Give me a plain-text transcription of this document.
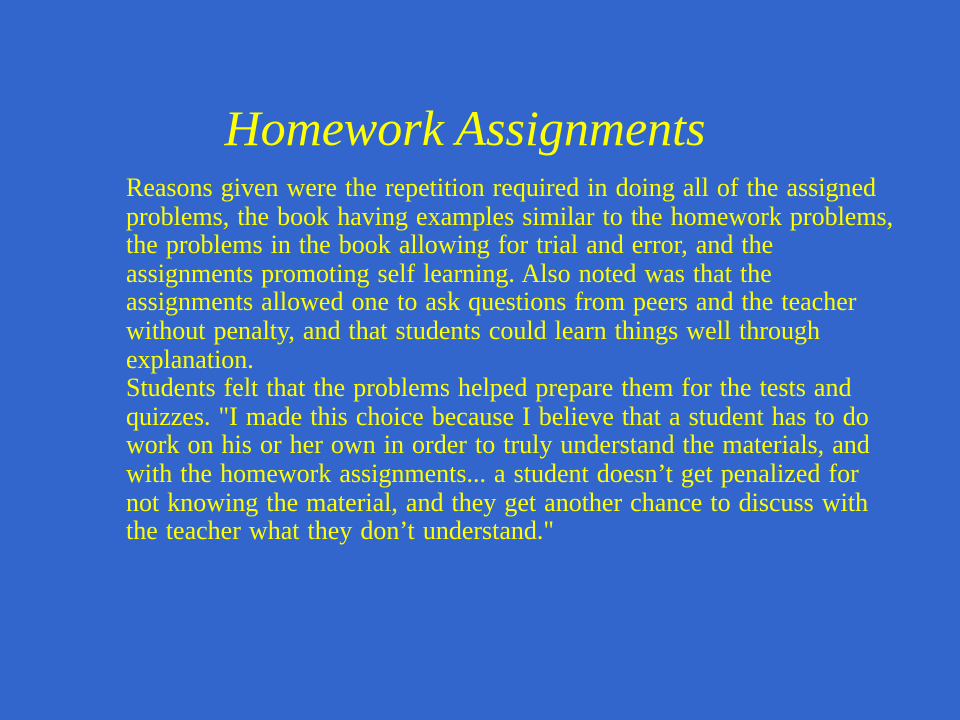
Homework Assignments

Reasons given were the repetition required in doing all of the assigned problems, the book having examples similar to the homework problems, the problems in the book allowing for trial and error, and the assignments promoting self learning. Also noted was that the assignments allowed one to ask questions from peers and the teacher without penalty, and that students could learn things well through explanation.

Students felt that the problems helped prepare them for the tests and quizzes. "I made this choice because I believe that a student has to do work on his or her own in order to truly understand the materials, and with the homework assignments... a student doesn’t get penalized for not knowing the material, and they get another chance to discuss with the teacher what they don’t understand."
